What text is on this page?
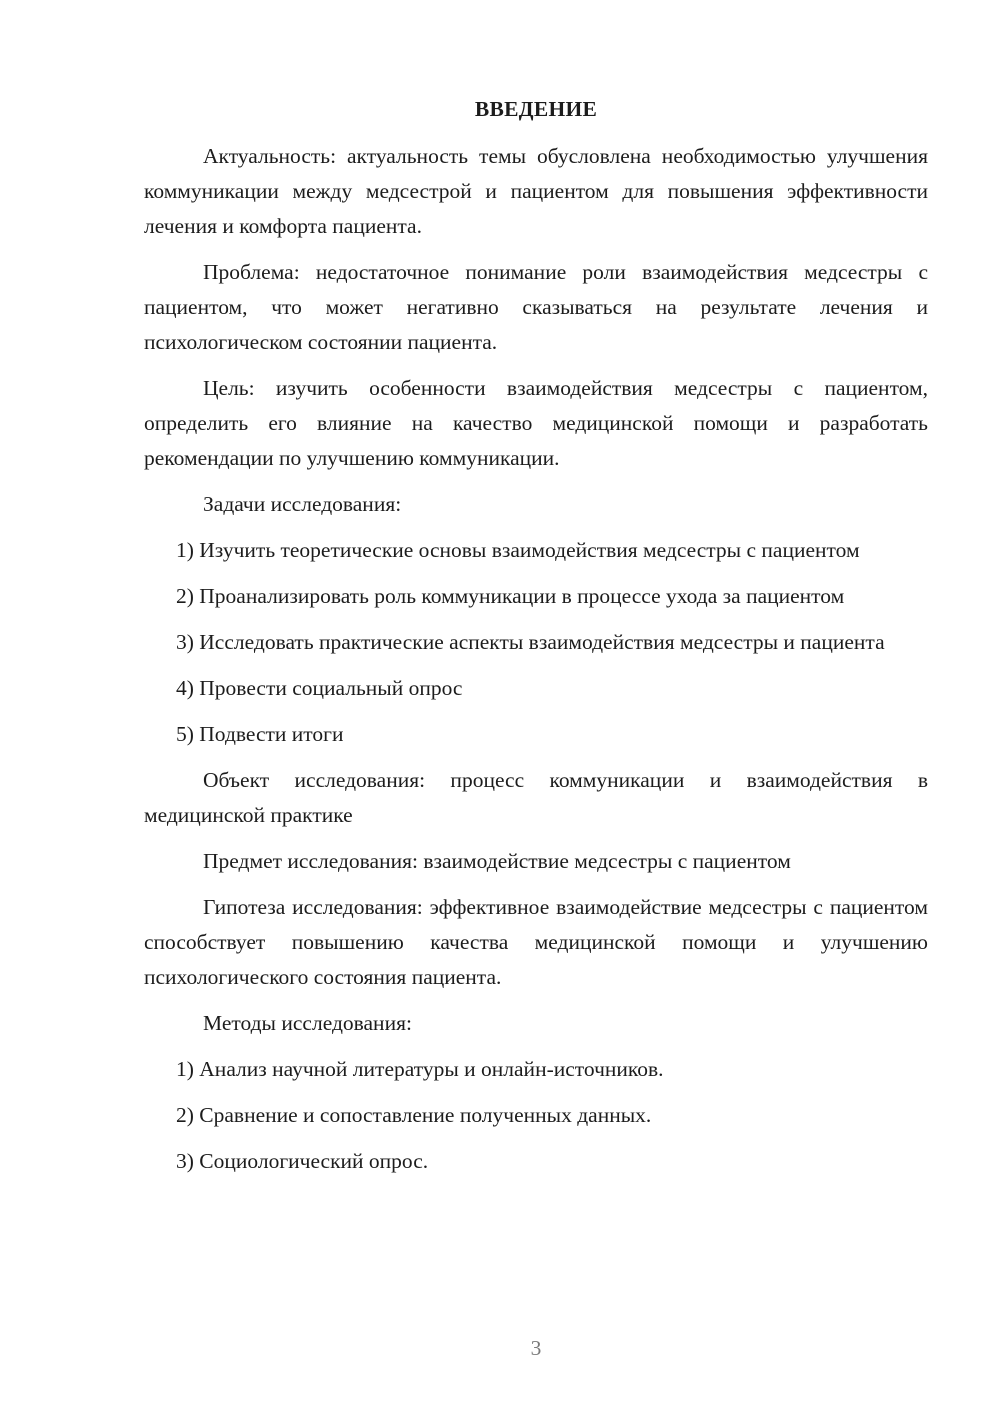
ВВЕДЕНИЕ

Актуальность: актуальность темы обусловлена необходимостью улучшения коммуникации между медсестрой и пациентом для повышения эффективности лечения и комфорта пациента.

Проблема: недостаточное понимание роли взаимодействия медсестры с пациентом, что может негативно сказываться на результате лечения и психологическом состоянии пациента.

Цель: изучить особенности взаимодействия медсестры с пациентом, определить его влияние на качество медицинской помощи и разработать рекомендации по улучшению коммуникации.

Задачи исследования:

1) Изучить теоретические основы взаимодействия медсестры с пациентом

2) Проанализировать роль коммуникации в процессе ухода за пациентом

3) Исследовать практические аспекты взаимодействия медсестры и пациента

4) Провести социальный опрос

5) Подвести итоги

Объект исследования: процесс коммуникации и взаимодействия в медицинской практике

Предмет исследования: взаимодействие медсестры с пациентом

Гипотеза исследования: эффективное взаимодействие медсестры с пациентом способствует повышению качества медицинской помощи и улучшению психологического состояния пациента.

Методы исследования:

1) Анализ научной литературы и онлайн-источников.

2) Сравнение и сопоставление полученных данных.

3) Социологический опрос.

3
